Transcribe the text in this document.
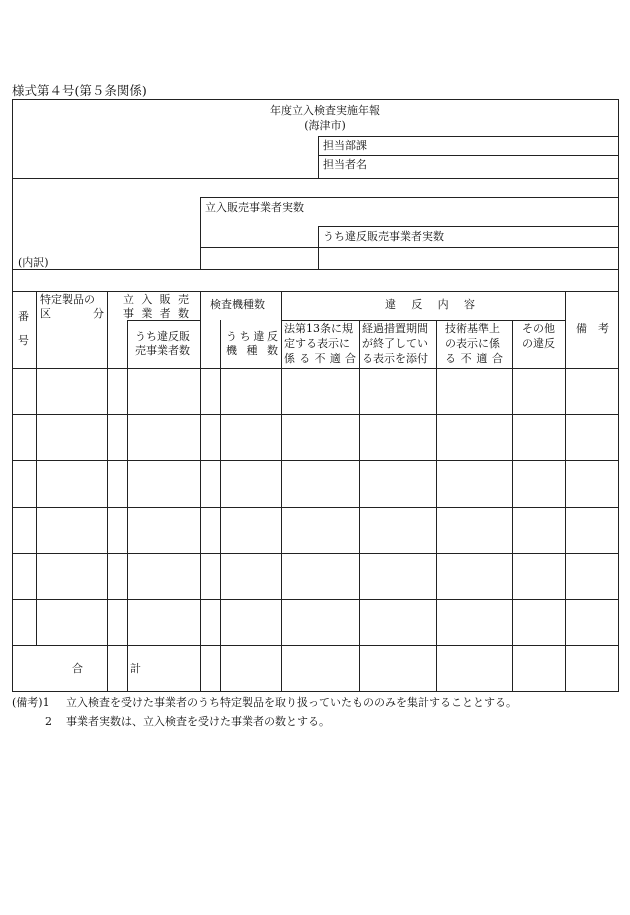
様式第４号(第５条関係)
年度立入検査実施年報
(海津市)
担当部課
担当者名
立入販売事業者実数
うち違反販売事業者実数
(内訳)
番
号
特定製品の
区	分
立入販売
事業者数
うち違反販
売事業者数
検査機種数
うち違反
機種数
違反内容
法第13条に規
定する表示に
係る不適合
経過措置期間
が終了してい
る表示を添付
技術基準上
の表示に係
る不適合
その他
の違反
備考
合	計
(備考)1 立入検査を受けた事業者のうち特定製品を取り扱っていたもののみを集計することとする。
2 事業者実数は、立入検査を受けた事業者の数とする。
